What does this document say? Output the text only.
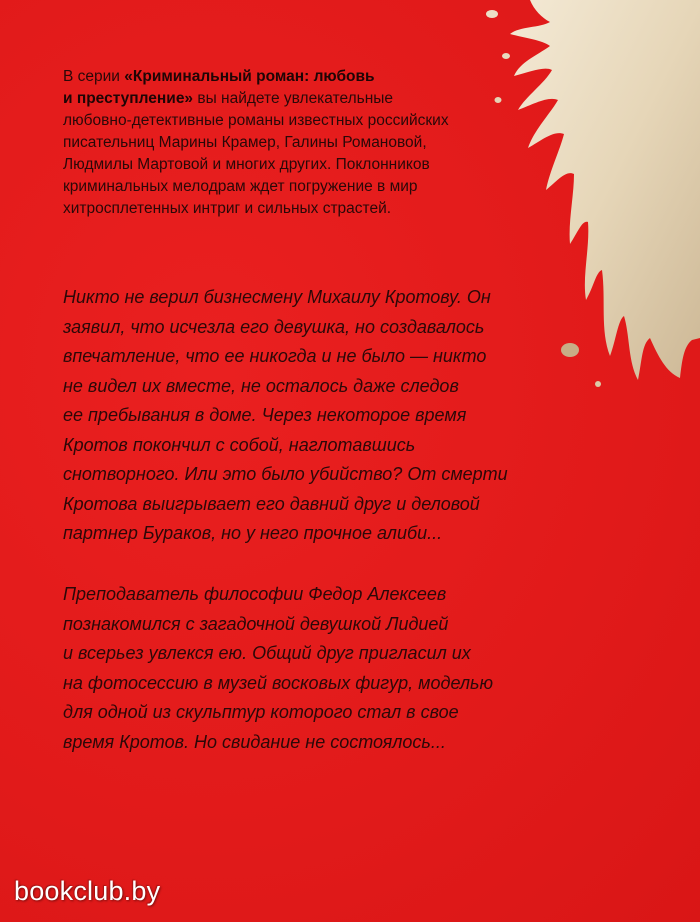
В серии «Криминальный роман: любовь
и преступление» вы найдете увлекательные
любовно-детективные романы известных российских
писательниц Марины Крамер, Галины Романовой,
Людмилы Мартовой и многих других. Поклонников
криминальных мелодрам ждет погружение в мир
хитросплетенных интриг и сильных страстей.

Никто не верил бизнесмену Михаилу Кротову. Он
заявил, что исчезла его девушка, но создавалось
впечатление, что ее никогда и не было — никто
не видел их вместе, не осталось даже следов
ее пребывания в доме. Через некоторое время
Кротов покончил с собой, наглотавшись
снотворного. Или это было убийство? От смерти
Кротова выигрывает его давний друг и деловой
партнер Бураков, но у него прочное алиби...

Преподаватель философии Федор Алексеев
познакомился с загадочной девушкой Лидией
и всерьез увлекся ею. Общий друг пригласил их
на фотосессию в музей восковых фигур, моделью
для одной из скульптур которого стал в свое
время Кротов. Но свидание не состоялось...

bookclub.by
